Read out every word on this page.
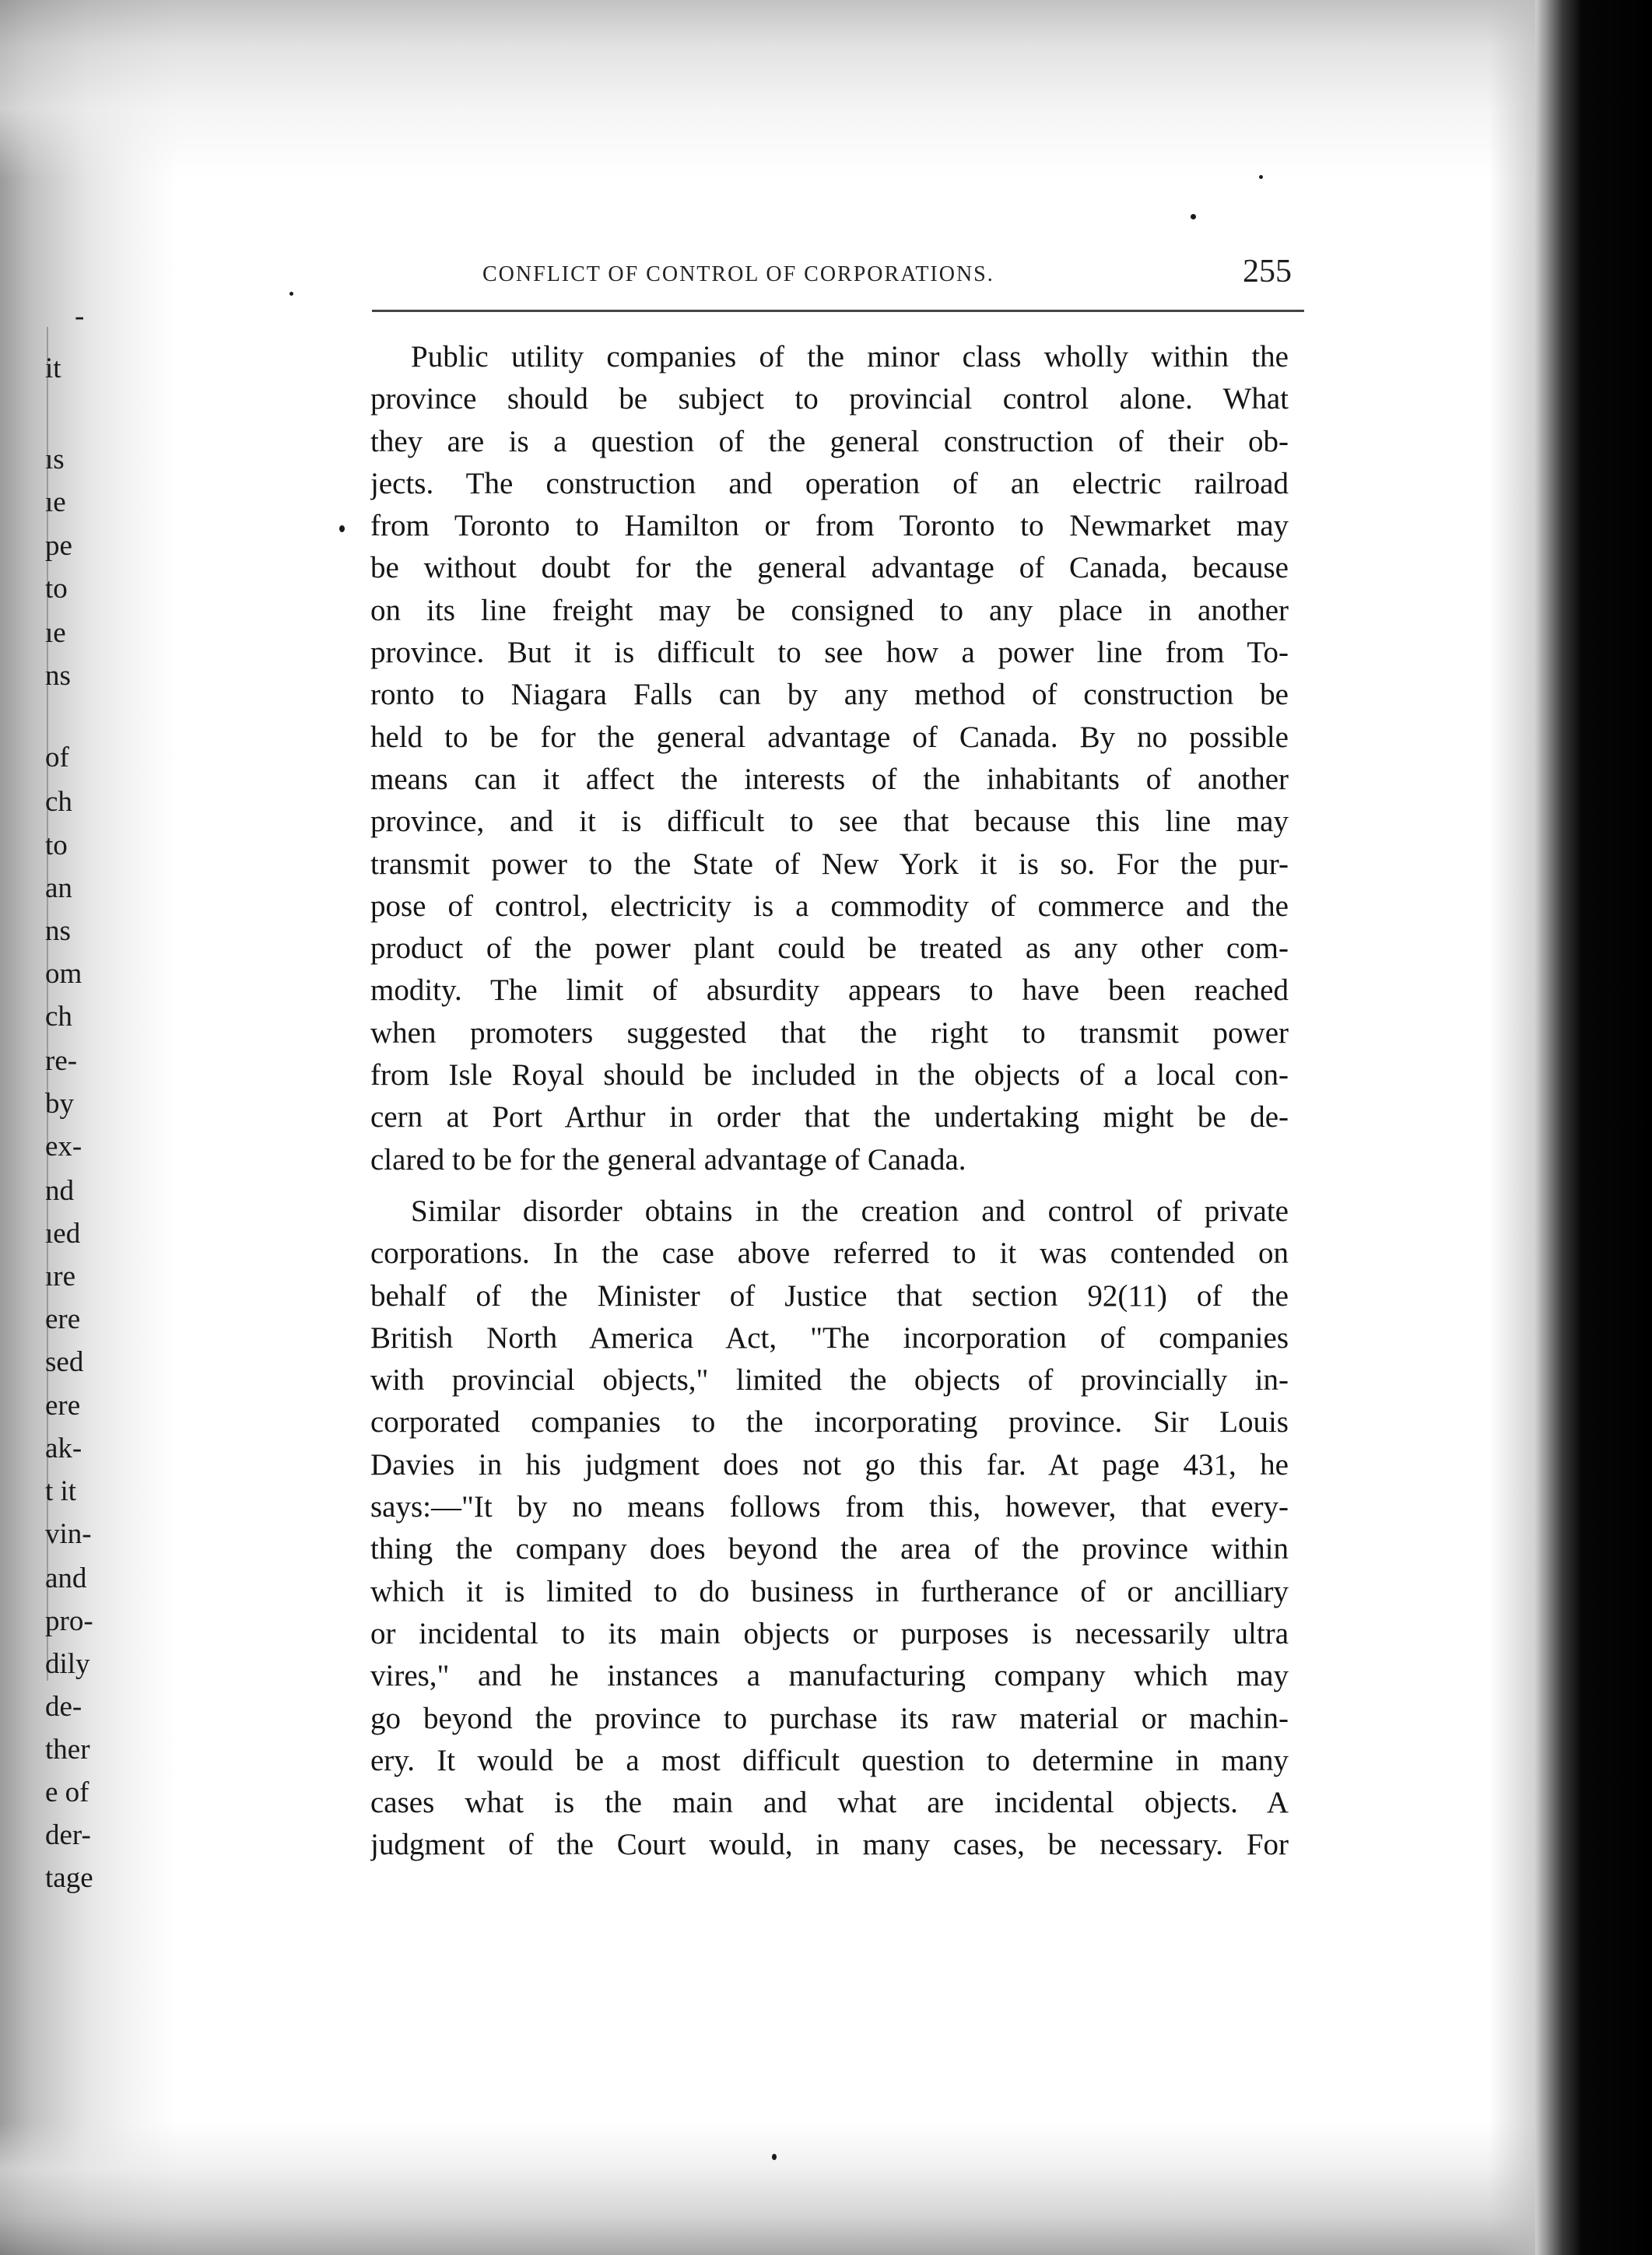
-
it
ıs
ıe
pe
to
ıe
ns
of
ch
to
an
ns
om
ch
re-
by
ex-
nd
ıed
ıre
ere
sed
ere
ak-
t it
vin-
and
pro-
dily
de-
ther
e of
der-
tage
CONFLICT OF CONTROL OF CORPORATIONS.	255
Public utility companies of the minor class wholly within the
province should be subject to provincial control alone. What
they are is a question of the general construction of their ob-
jects. The construction and operation of an electric railroad
from Toronto to Hamilton or from Toronto to Newmarket may
be without doubt for the general advantage of Canada, because
on its line freight may be consigned to any place in another
province. But it is difficult to see how a power line from To-
ronto to Niagara Falls can by any method of construction be
held to be for the general advantage of Canada. By no possible
means can it affect the interests of the inhabitants of another
province, and it is difficult to see that because this line may
transmit power to the State of New York it is so. For the pur-
pose of control, electricity is a commodity of commerce and the
product of the power plant could be treated as any other com-
modity. The limit of absurdity appears to have been reached
when promoters suggested that the right to transmit power
from Isle Royal should be included in the objects of a local con-
cern at Port Arthur in order that the undertaking might be de-
clared to be for the general advantage of Canada.
Similar disorder obtains in the creation and control of private
corporations. In the case above referred to it was contended on
behalf of the Minister of Justice that section 92(11) of the
British North America Act, "The incorporation of companies
with provincial objects," limited the objects of provincially in-
corporated companies to the incorporating province. Sir Louis
Davies in his judgment does not go this far. At page 431, he
says:—"It by no means follows from this, however, that every-
thing the company does beyond the area of the province within
which it is limited to do business in furtherance of or ancilliary
or incidental to its main objects or purposes is necessarily ultra
vires," and he instances a manufacturing company which may
go beyond the province to purchase its raw material or machin-
ery. It would be a most difficult question to determine in many
cases what is the main and what are incidental objects. A
judgment of the Court would, in many cases, be necessary. For
